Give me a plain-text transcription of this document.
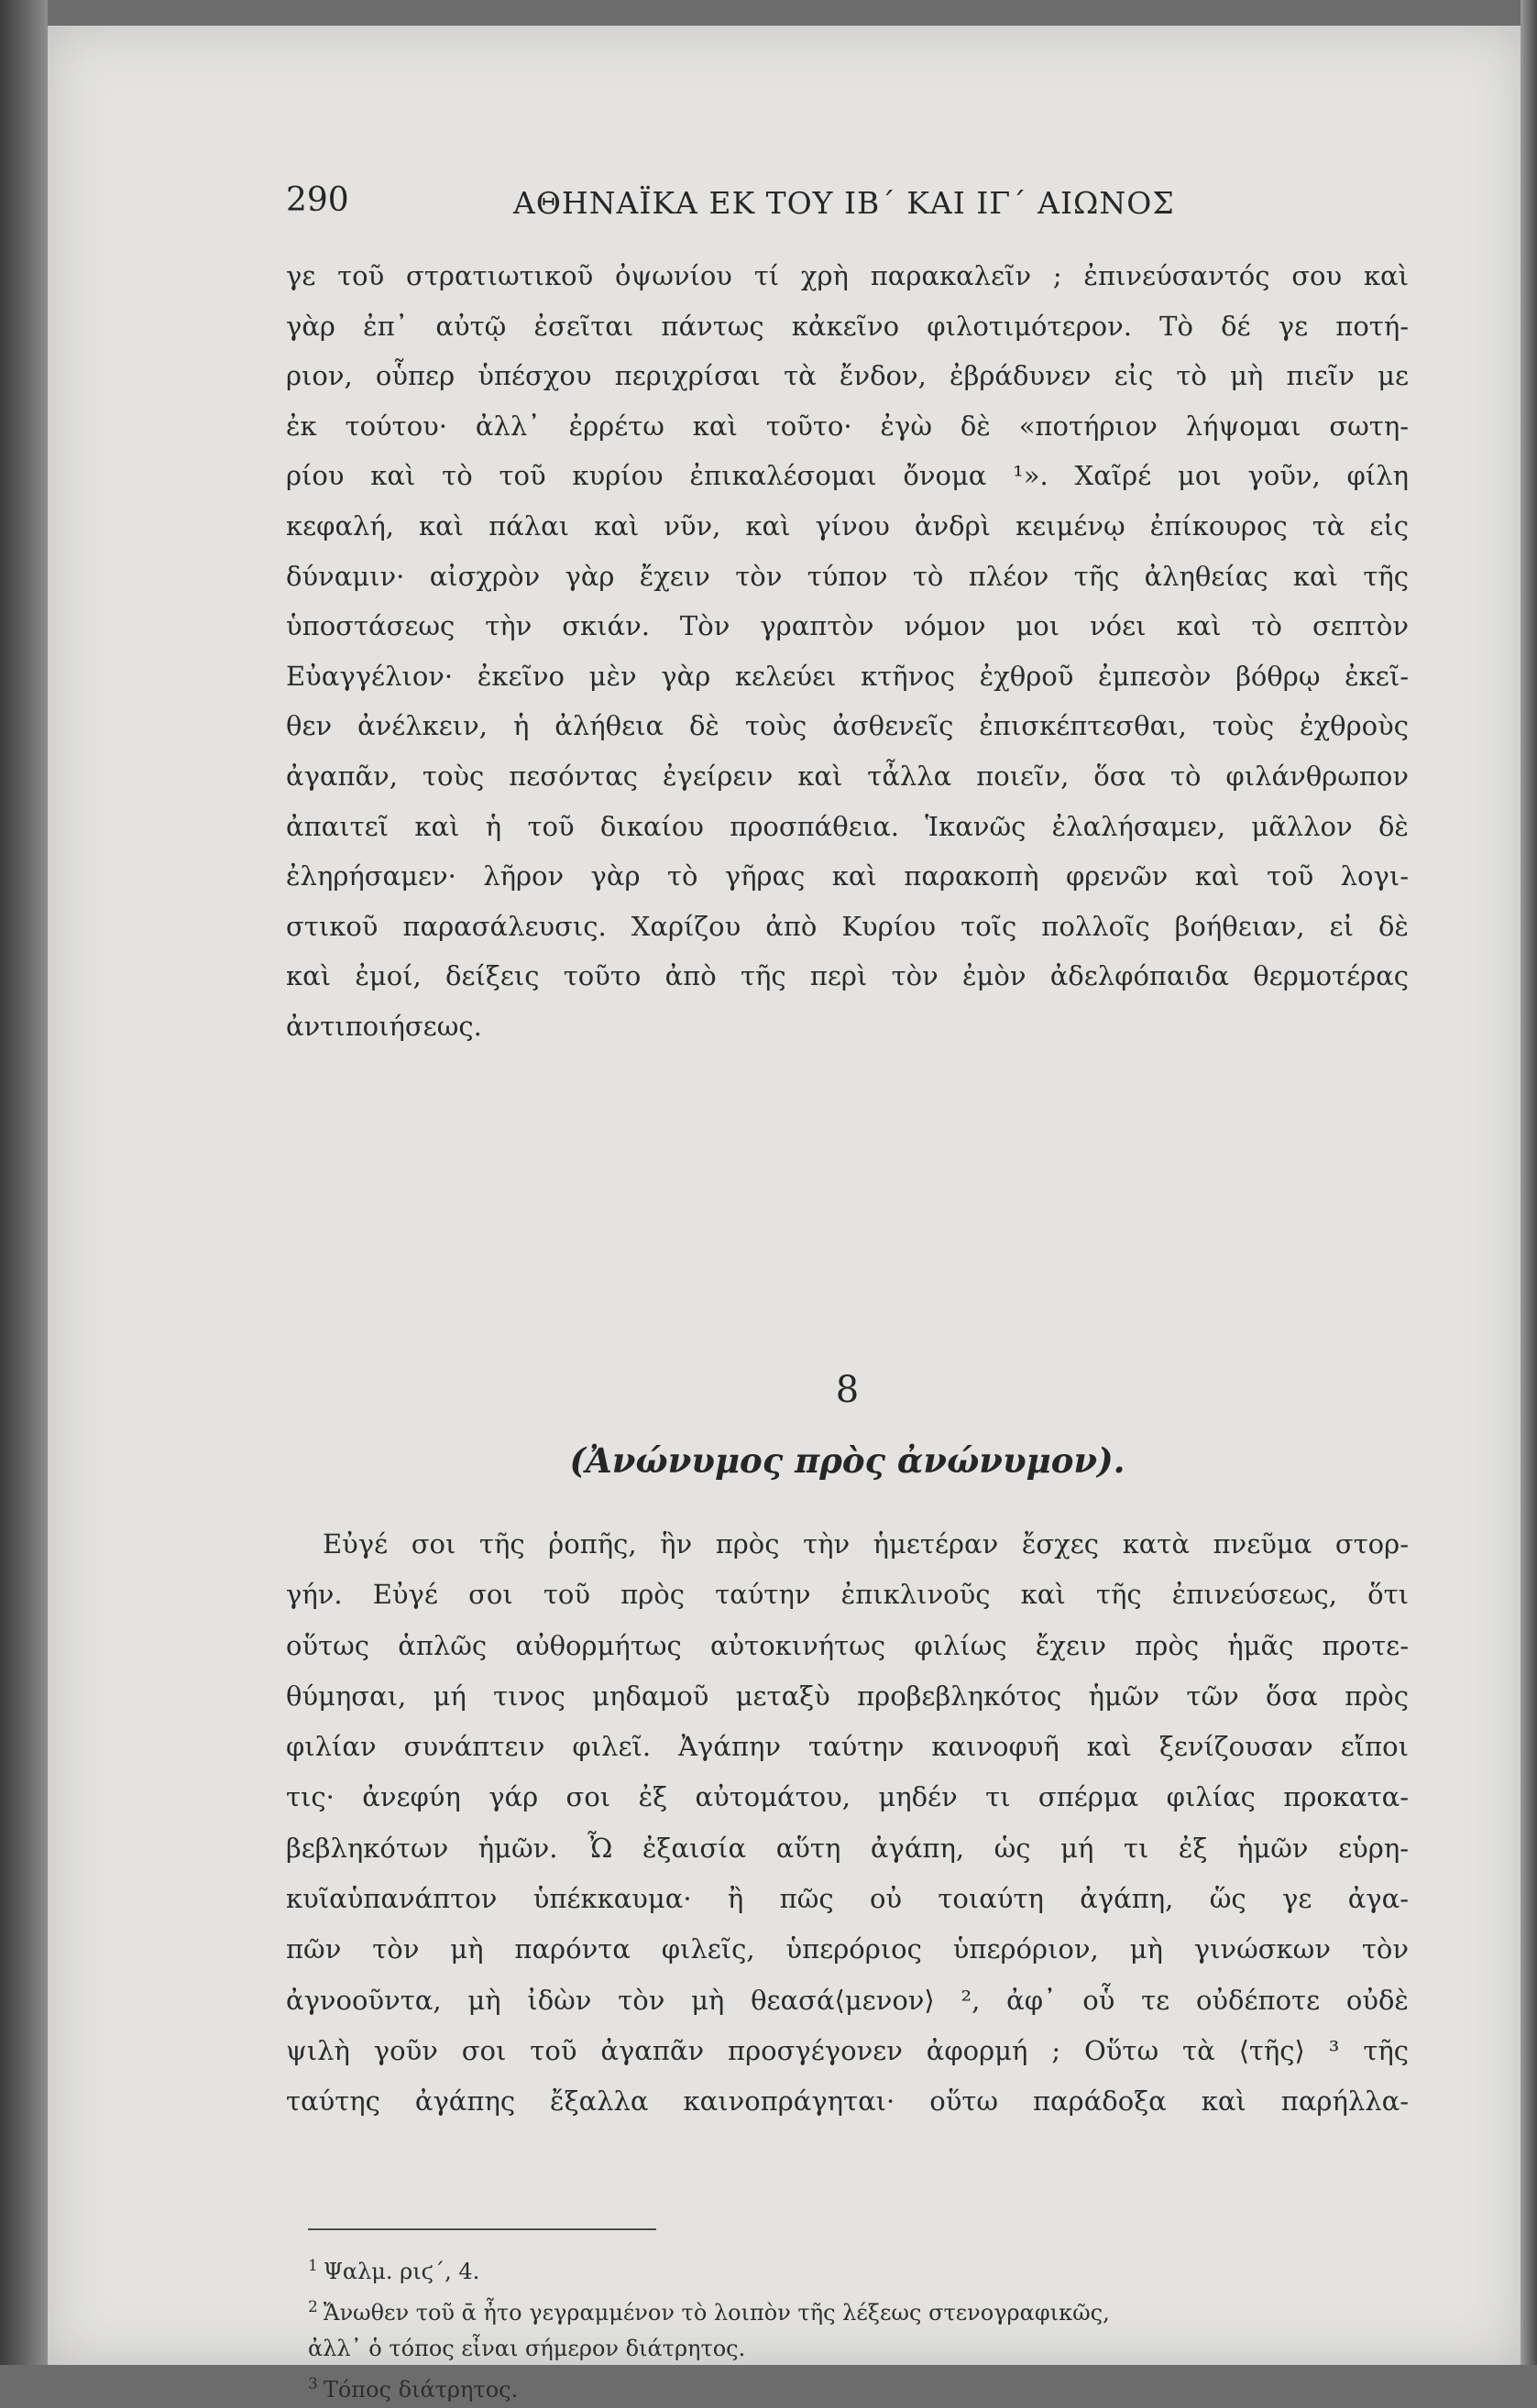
290	ΑΘΗΝΑΪΚΑ ΕΚ ΤΟΥ ΙΒ΄ ΚΑΙ ΙΓ΄ ΑΙΩΝΟΣ
γε τοῦ στρατιωτικοῦ ὀψωνίου τί χρὴ παρακαλεῖν ; ἐπινεύσαντός σου καὶ
γὰρ ἐπ᾽ αὐτῷ ἐσεῖται πάντως κἀκεῖνο φιλοτιμότερον. Τὸ δέ γε ποτή-
ριον, οὗπερ ὑπέσχου περιχρίσαι τὰ ἔνδον, ἐβράδυνεν εἰς τὸ μὴ πιεῖν με
ἐκ τούτου· ἀλλ᾽ ἐρρέτω καὶ τοῦτο· ἐγὼ δὲ «ποτήριον λήψομαι σωτη-
ρίου καὶ τὸ τοῦ κυρίου ἐπικαλέσομαι ὄνομα ¹». Χαῖρέ μοι γοῦν, φίλη
κεφαλή, καὶ πάλαι καὶ νῦν, καὶ γίνου ἀνδρὶ κειμένῳ ἐπίκουρος τὰ εἰς
δύναμιν· αἰσχρὸν γὰρ ἔχειν τὸν τύπον τὸ πλέον τῆς ἀληθείας καὶ τῆς
ὑποστάσεως τὴν σκιάν. Τὸν γραπτὸν νόμον μοι νόει καὶ τὸ σεπτὸν
Εὐαγγέλιον· ἐκεῖνο μὲν γὰρ κελεύει κτῆνος ἐχθροῦ ἐμπεσὸν βόθρῳ ἐκεῖ-
θεν ἀνέλκειν, ἡ ἀλήθεια δὲ τοὺς ἀσθενεῖς ἐπισκέπτεσθαι, τοὺς ἐχθροὺς
ἀγαπᾶν, τοὺς πεσόντας ἐγείρειν καὶ τἆλλα ποιεῖν, ὅσα τὸ φιλάνθρωπον
ἀπαιτεῖ καὶ ἡ τοῦ δικαίου προσπάθεια. Ἱκανῶς ἐλαλήσαμεν, μᾶλλον δὲ
ἐληρήσαμεν· λῆρον γὰρ τὸ γῆρας καὶ παρακοπὴ φρενῶν καὶ τοῦ λογι-
στικοῦ παρασάλευσις. Χαρίζου ἀπὸ Κυρίου τοῖς πολλοῖς βοήθειαν, εἰ δὲ
καὶ ἐμοί, δείξεις τοῦτο ἀπὸ τῆς περὶ τὸν ἐμὸν ἀδελφόπαιδα θερμοτέρας
ἀντιποιήσεως.
8
(Ἀνώνυμος πρὸς ἀνώνυμον).
Εὐγέ σοι τῆς ῥοπῆς, ἣν πρὸς τὴν ἡμετέραν ἔσχες κατὰ πνεῦμα στορ-
γήν. Εὐγέ σοι τοῦ πρὸς ταύτην ἐπικλινοῦς καὶ τῆς ἐπινεύσεως, ὅτι
οὕτως ἁπλῶς αὐθορμήτως αὐτοκινήτως φιλίως ἔχειν πρὸς ἡμᾶς προτε-
θύμησαι, μή τινος μηδαμοῦ μεταξὺ προβεβληκότος ἡμῶν τῶν ὅσα πρὸς
φιλίαν συνάπτειν φιλεῖ. Ἀγάπην ταύτην καινοφυῆ καὶ ξενίζουσαν εἴποι
τις· ἀνεφύη γάρ σοι ἐξ αὐτομάτου, μηδέν τι σπέρμα φιλίας προκατα-
βεβληκότων ἡμῶν. Ὦ ἐξαισία αὕτη ἀγάπη, ὡς μή τι ἐξ ἡμῶν εὑρη-
κυῖαὑπανάπτον ὑπέκκαυμα· ἢ πῶς οὐ τοιαύτη ἀγάπη, ὥς γε ἀγα-
πῶν τὸν μὴ παρόντα φιλεῖς, ὑπερόριος ὑπερόριον, μὴ γινώσκων τὸν
ἀγνοοῦντα, μὴ ἰδὼν τὸν μὴ θεασά⟨μενον⟩ ², ἀφ᾽ οὗ τε οὐδέποτε οὐδὲ
ψιλὴ γοῦν σοι τοῦ ἀγαπᾶν προσγέγονεν ἀφορμή ; Οὕτω τὰ ⟨τῆς⟩ ³ τῆς
ταύτης ἀγάπης ἔξαλλα καινοπράγηται· οὕτω παράδοξα καὶ παρήλλα-
$^1$ Ψαλμ. ριϛ΄, 4.
$^2$ Ἄνωθεν τοῦ ᾱ ἦτο γεγραμμένον τὸ λοιπὸν τῆς λέξεως στενογραφικῶς,
ἀλλ᾽ ὁ τόπος εἶναι σήμερον διάτρητος.
$^3$ Τόπος διάτρητος.
